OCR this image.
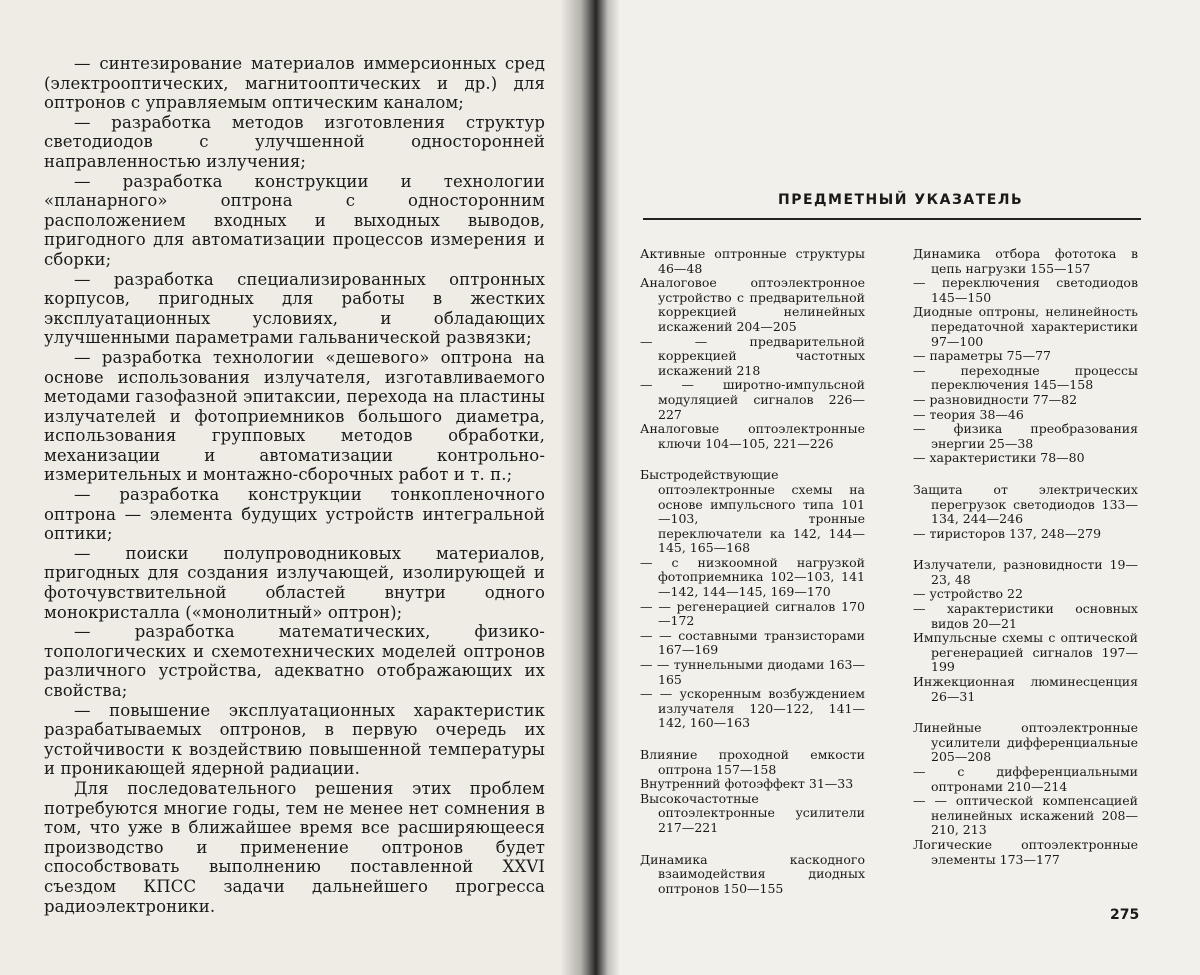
— синтезирование материалов иммерсионных сред (электрооптических, магнитооптических и др.) для оптронов с управляемым оптическим каналом;

— разработка методов изготовления структур светодиодов с улучшенной односторонней направленностью излучения;

— разработка конструкции и технологии «планарного» оптрона с односторонним расположением входных и выходных выводов, пригодного для автоматизации процессов измерения и сборки;

— разработка специализированных оптронных корпусов, пригодных для работы в жестких эксплуатационных условиях, и обладающих улучшенными параметрами гальванической развязки;

— разработка технологии «дешевого» оптрона на основе использования излучателя, изготавливаемого методами газофазной эпитаксии, перехода на пластины излучателей и фотоприемников большого диаметра, использования групповых методов обработки, механизации и автоматизации контрольно-измерительных и монтажно-сборочных работ и т. п.;

— разработка конструкции тонкопленочного оптрона — элемента будущих устройств интегральной оптики;

— поиски полупроводниковых материалов, пригодных для создания излучающей, изолирующей и фоточувствительной областей внутри одного монокристалла («монолитный» оптрон);

— разработка математических, физико-топологических и схемотехнических моделей оптронов различного устройства, адекватно отображающих их свойства;

— повышение эксплуатационных характеристик разрабатываемых оптронов, в первую очередь их устойчивости к воздействию повышенной температуры и проникающей ядерной радиации.

Для последовательного решения этих проблем потребуются многие годы, тем не менее нет сомнения в том, что уже в ближайшее время все расширяющееся производство и применение оптронов будет способствовать выполнению поставленной XXVI съездом КПСС задачи дальнейшего прогресса радиоэлектроники.

ПРЕДМЕТНЫЙ УКАЗАТЕЛЬ
Активные оптронные структуры 46—48
Аналоговое оптоэлектронное устройство с предварительной коррекцией нелинейных искажений 204—205
— — предварительной коррекцией частотных искажений 218
— — широтно-импульсной модуляцией сигналов 226—227
Аналоговые оптоэлектронные ключи 104—105, 221—226
Быстродействующие оптоэлектронные схемы на основе импульсного типа 101—103, тронные переключатели ка 142, 144—145, 165—168
— с низкоомной нагрузкой фотоприемника 102—103, 141—142, 144—145, 169—170
— — регенерацией сигналов 170—172
— — составными транзисторами 167—169
— — туннельными диодами 163—165
— — ускоренным возбуждением излучателя 120—122, 141—142, 160—163
Влияние проходной емкости оптрона 157—158
Внутренний фотоэффект 31—33
Высокочастотные оптоэлектронные усилители 217—221
Динамика каскодного взаимодействия диодных оптронов 150—155
Динамика отбора фототока в цепь нагрузки 155—157
— переключения светодиодов 145—150
Диодные оптроны, нелинейность передаточной характеристики 97—100
— параметры 75—77
— переходные процессы переключения 145—158
— разновидности 77—82
— теория 38—46
— физика преобразования энергии 25—38
— характеристики 78—80
Защита от электрических перегрузок светодиодов 133—134, 244—246
— тиристоров 137, 248—279
Излучатели, разновидности 19—23, 48
— устройство 22
— характеристики основных видов 20—21
Импульсные схемы с оптической регенерацией сигналов 197—199
Инжекционная люминесценция 26—31
Линейные оптоэлектронные усилители дифференциальные 205—208
— с дифференциальными оптронами 210—214
— — оптической компенсацией нелинейных искажений 208—210, 213
Логические оптоэлектронные элементы 173—177
275
